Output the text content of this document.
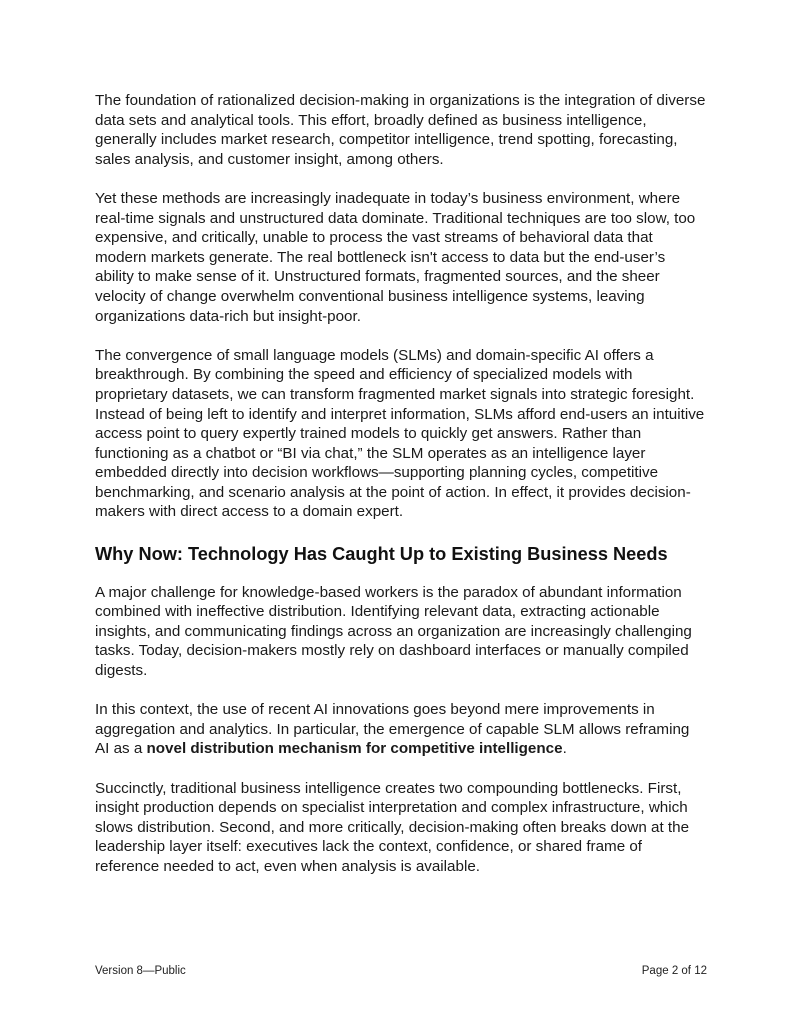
The foundation of rationalized decision-making in organizations is the integration of diverse data sets and analytical tools. This effort, broadly defined as business intelligence, generally includes market research, competitor intelligence, trend spotting, forecasting, sales analysis, and customer insight, among others.

Yet these methods are increasingly inadequate in today’s business environment, where real-time signals and unstructured data dominate. Traditional techniques are too slow, too expensive, and critically, unable to process the vast streams of behavioral data that modern markets generate. The real bottleneck isn't access to data but the end-user’s ability to make sense of it. Unstructured formats, fragmented sources, and the sheer velocity of change overwhelm conventional business intelligence systems, leaving organizations data-rich but insight-poor.

The convergence of small language models (SLMs) and domain-specific AI offers a breakthrough. By combining the speed and efficiency of specialized models with proprietary datasets, we can transform fragmented market signals into strategic foresight. Instead of being left to identify and interpret information, SLMs afford end-users an intuitive access point to query expertly trained models to quickly get answers. Rather than functioning as a chatbot or “BI via chat,” the SLM operates as an intelligence layer embedded directly into decision workflows—supporting planning cycles, competitive benchmarking, and scenario analysis at the point of action. In effect, it provides decision-makers with direct access to a domain expert.

Why Now: Technology Has Caught Up to Existing Business Needs

A major challenge for knowledge-based workers is the paradox of abundant information combined with ineffective distribution. Identifying relevant data, extracting actionable insights, and communicating findings across an organization are increasingly challenging tasks. Today, decision-makers mostly rely on dashboard interfaces or manually compiled digests.

In this context, the use of recent AI innovations goes beyond mere improvements in aggregation and analytics. In particular, the emergence of capable SLM allows reframing AI as a novel distribution mechanism for competitive intelligence.

Succinctly, traditional business intelligence creates two compounding bottlenecks. First, insight production depends on specialist interpretation and complex infrastructure, which slows distribution. Second, and more critically, decision-making often breaks down at the leadership layer itself: executives lack the context, confidence, or shared frame of reference needed to act, even when analysis is available.

Version 8—Public	Page 2 of 12
